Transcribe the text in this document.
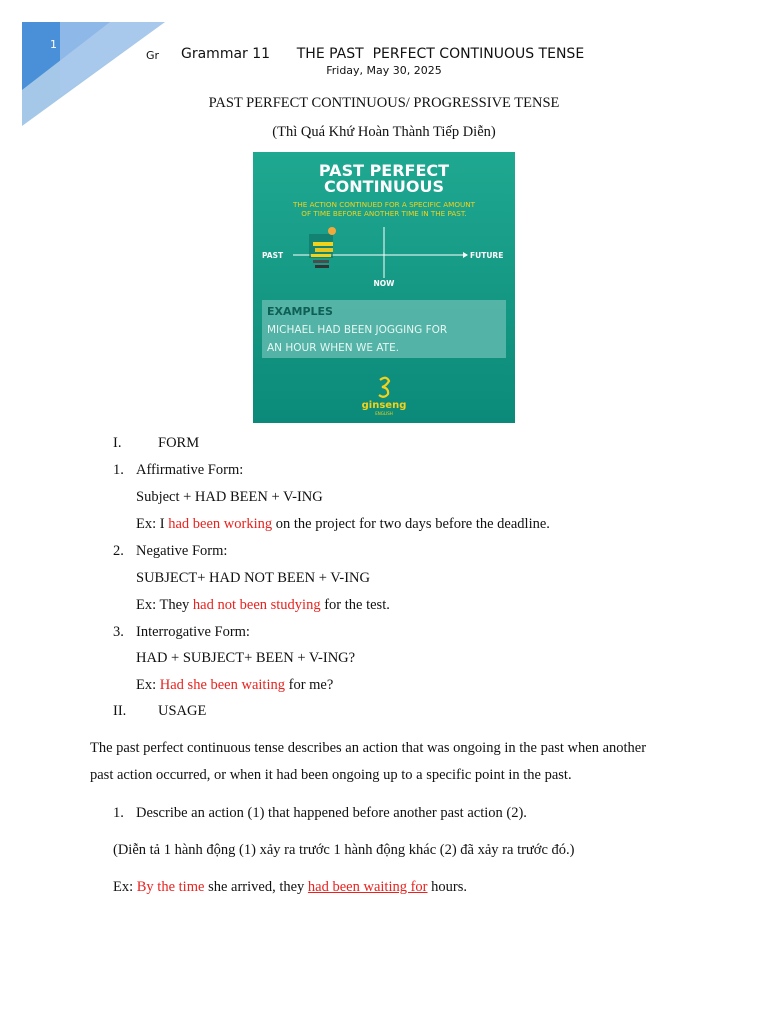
1
Gr Grammar 11      THE PAST  PERFECT CONTINUOUS TENSE
Friday, May 30, 2025
PAST PERFECT CONTINUOUS/ PROGRESSIVE TENSE
(Thì Quá Khứ Hoàn Thành Tiếp Diễn)
PAST PERFECT
CONTINUOUS
THE ACTION CONTINUED FOR A SPECIFIC AMOUNT
OF TIME BEFORE ANOTHER TIME IN THE PAST.
PAST	FUTURE
NOW
EXAMPLES
MICHAEL HAD BEEN JOGGING FOR
AN HOUR WHEN WE ATE.
ginseng
ENGLISH
I.	FORM
1. Affirmative Form:
Subject + HAD BEEN + V-ING
Ex: I had been working on the project for two days before the deadline.
2. Negative Form:
SUBJECT+ HAD NOT BEEN + V-ING
Ex: They had not been studying for the test.
3. Interrogative Form:
HAD + SUBJECT+ BEEN + V-ING?
Ex: Had she been waiting for me?
II. USAGE
The past perfect continuous tense describes an action that was ongoing in the past when another
past action occurred, or when it had been ongoing up to a specific point in the past.
1. Describe an action (1) that happened before another past action (2).
(Diễn tả 1 hành động (1) xảy ra trước 1 hành động khác (2) đã xảy ra trước đó.)
Ex: By the time she arrived, they had been waiting for hours.
